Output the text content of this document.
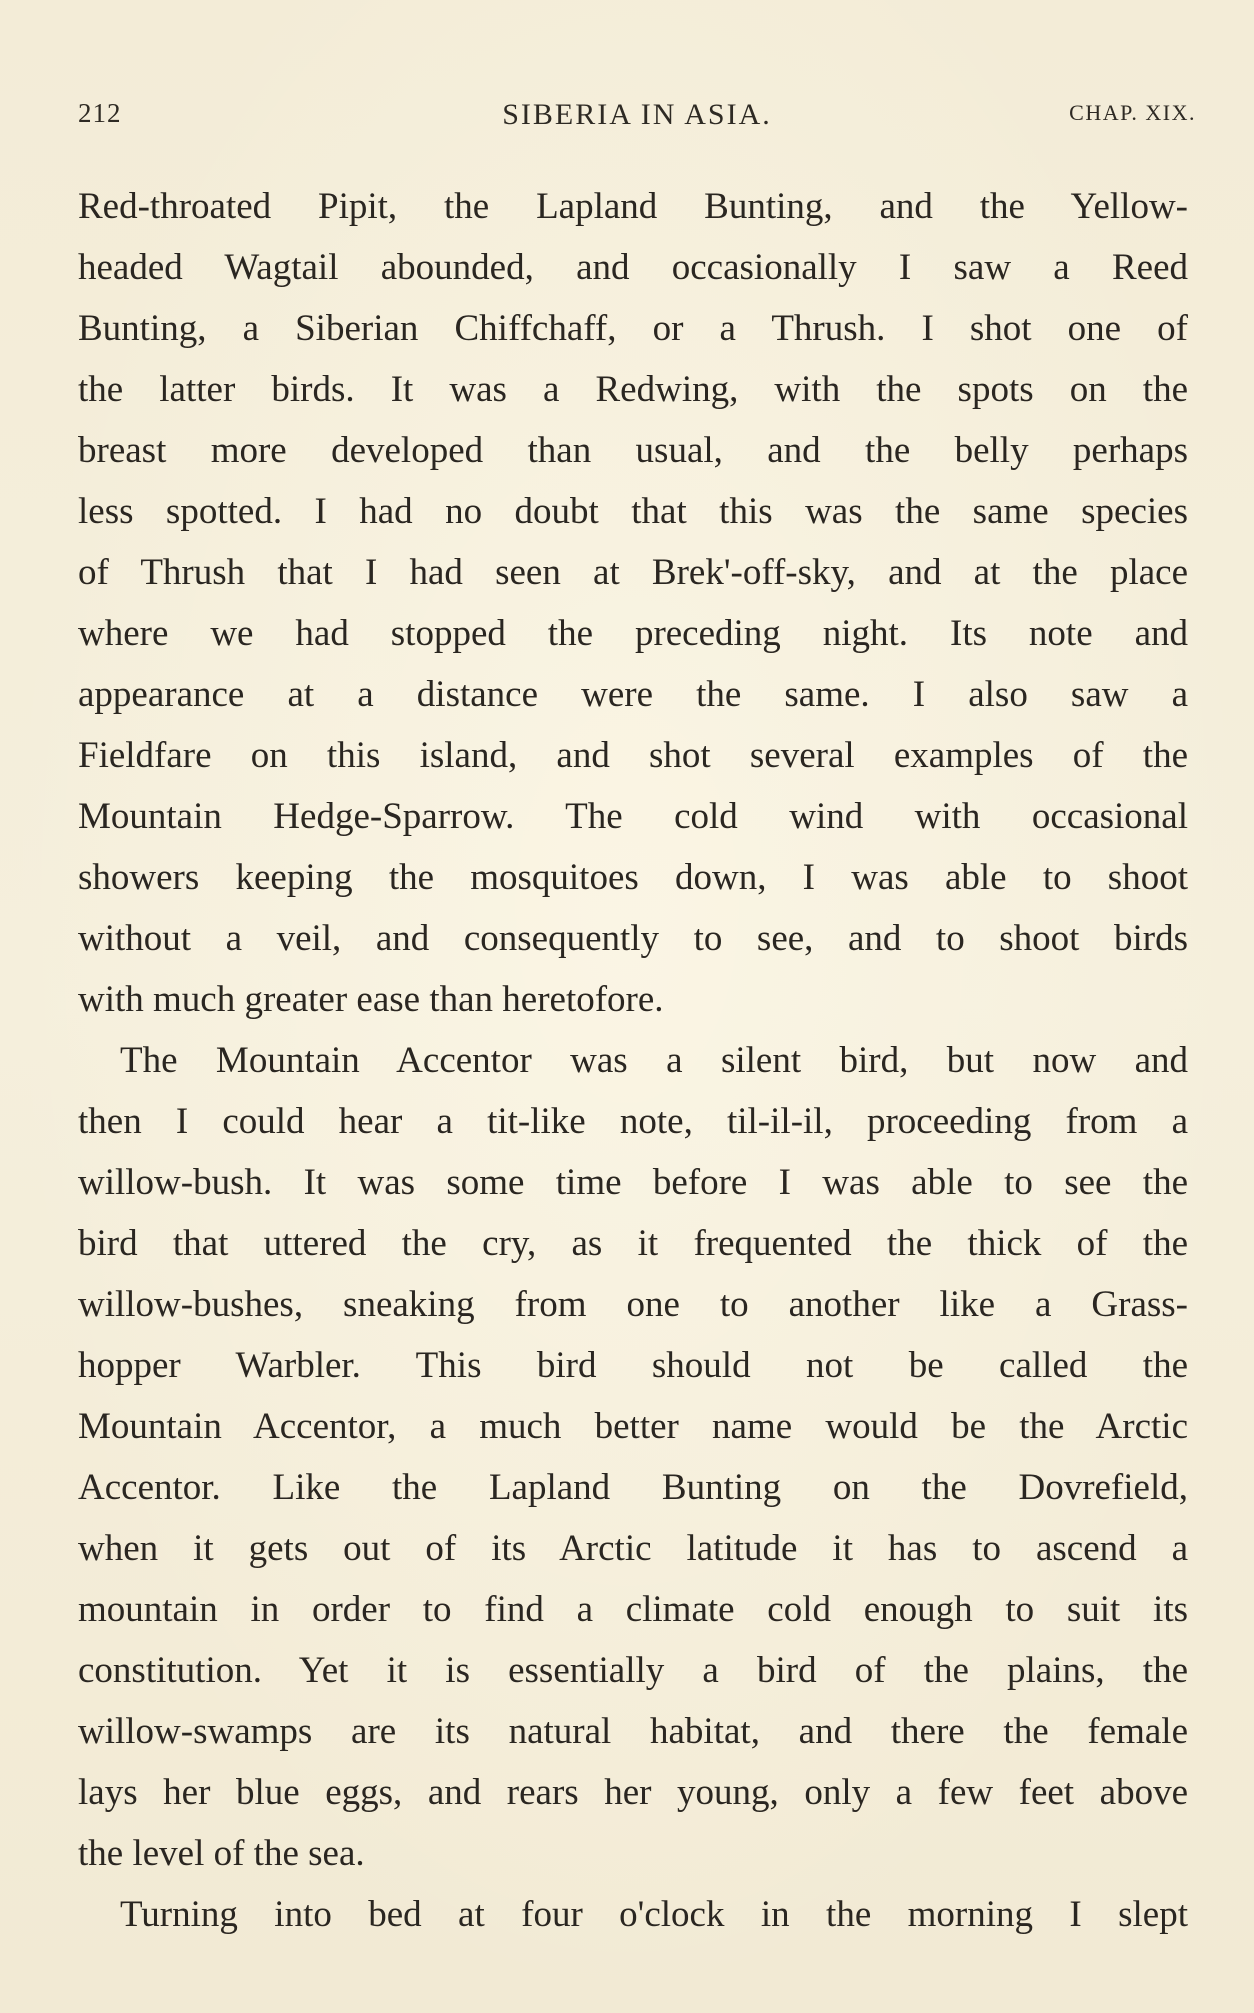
212	SIBERIA IN ASIA.	CHAP. XIX.
Red-throated Pipit, the Lapland Bunting, and the Yellow-
headed Wagtail abounded, and occasionally I saw a Reed
Bunting, a Siberian Chiffchaff, or a Thrush. I shot one of
the latter birds. It was a Redwing, with the spots on the
breast more developed than usual, and the belly perhaps
less spotted. I had no doubt that this was the same species
of Thrush that I had seen at Brek'-off-sky, and at the place
where we had stopped the preceding night. Its note and
appearance at a distance were the same. I also saw a
Fieldfare on this island, and shot several examples of the
Mountain Hedge-Sparrow. The cold wind with occasional
showers keeping the mosquitoes down, I was able to shoot
without a veil, and consequently to see, and to shoot birds
with much greater ease than heretofore.
The Mountain Accentor was a silent bird, but now and
then I could hear a tit-like note, til-il-il, proceeding from a
willow-bush. It was some time before I was able to see the
bird that uttered the cry, as it frequented the thick of the
willow-bushes, sneaking from one to another like a Grass-
hopper Warbler. This bird should not be called the
Mountain Accentor, a much better name would be the Arctic
Accentor. Like the Lapland Bunting on the Dovrefield,
when it gets out of its Arctic latitude it has to ascend a
mountain in order to find a climate cold enough to suit its
constitution. Yet it is essentially a bird of the plains, the
willow-swamps are its natural habitat, and there the female
lays her blue eggs, and rears her young, only a few feet above
the level of the sea.
Turning into bed at four o'clock in the morning I slept
